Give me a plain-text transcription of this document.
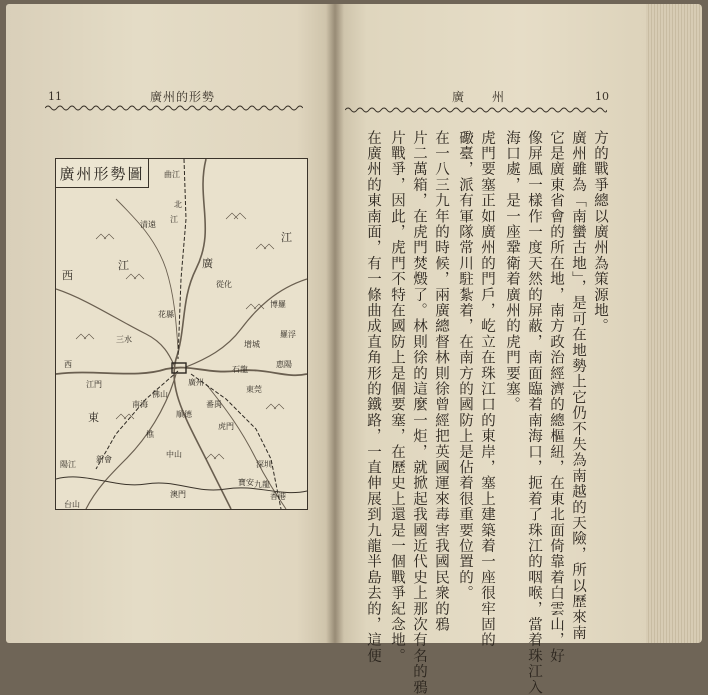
11	廣州的形勢
廣州形勢圖
江
廣
西
東
江
曲江
廣州
花縣
從化
三水
佛山
南海	番禺
東莞
增城
博羅
惠陽
石龍
虎門
中山
新會
江門
順德
深圳
寶安
香港
澳門
台山
北
江
西
樵
羅浮
九龍
清遠
陽江
廣州	10
方的戰爭總以廣州為策源地。
廣州雖為「南蠻古地」，是可在地勢上它仍不失為南越的天險，所以歷來南
它是廣東省會的所在地，南方政治經濟的總樞紐，在東北面倚靠着白雲山，好
像屏風一樣作一度天然的屏蔽，南面臨着南海口，扼着了珠江的咽喉，當着珠江入
海口處，是一座鞏衛着廣州的虎門要塞。
虎門要塞正如廣州的門戶，屹立在珠江口的東岸，塞上建築着一座很牢固的
礮臺，派有軍隊常川駐紮着，在南方的國防上是佔着很重要位置的。
在一八三九年的時候，兩廣總督林則徐曾經把英國運來毒害我國民衆的鴉
片二萬箱，在虎門焚燬了。林則徐的這麼一炬，就掀起我國近代史上那次有名的鴉
片戰爭，因此，虎門不特在國防上是個要塞，在歷史上還是一個戰爭紀念地。
在廣州的東南面，有一條曲成直角形的鐵路，一直伸展到九龍半島去的，這便
